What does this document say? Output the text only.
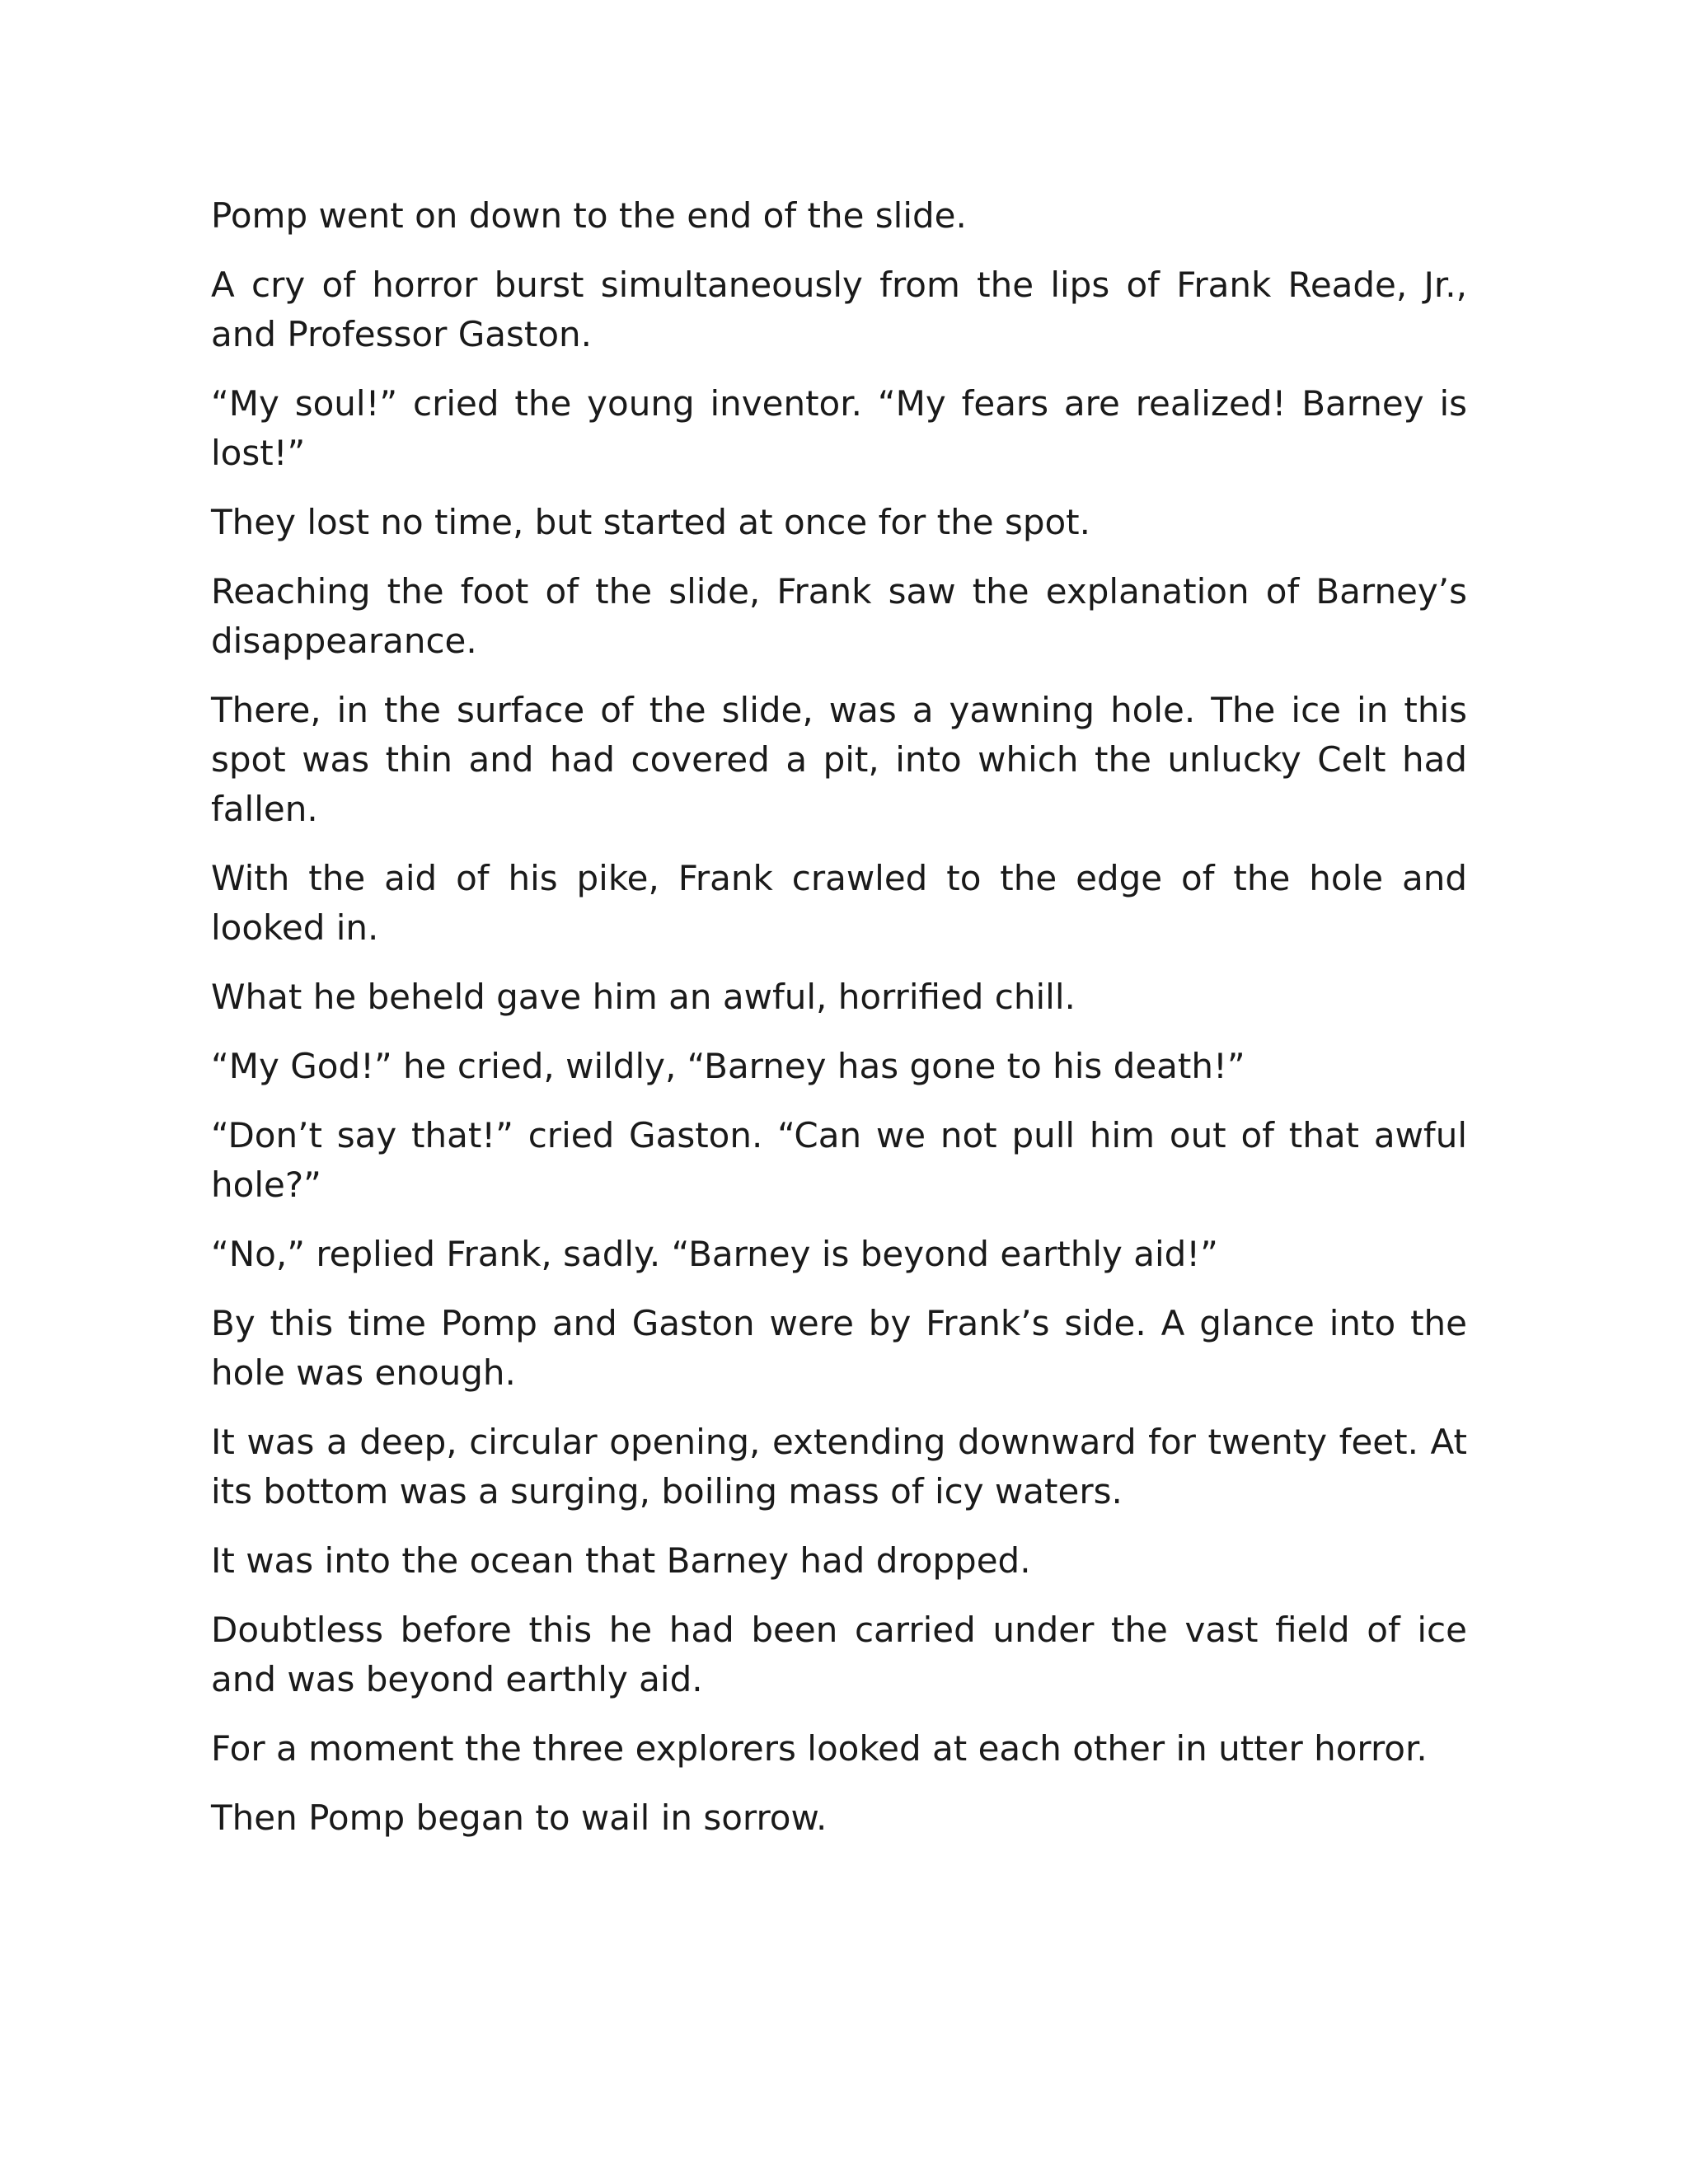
Pomp went on down to the end of the slide.

A cry of horror burst simultaneously from the lips of Frank Reade, Jr., and Professor Gaston.

“My soul!” cried the young inventor. “My fears are realized! Barney is lost!”

They lost no time, but started at once for the spot.

Reaching the foot of the slide, Frank saw the explanation of Barney’s disappearance.

There, in the surface of the slide, was a yawning hole. The ice in this spot was thin and had covered a pit, into which the unlucky Celt had fallen.

With the aid of his pike, Frank crawled to the edge of the hole and looked in.

What he beheld gave him an awful, horrified chill.

“My God!” he cried, wildly, “Barney has gone to his death!”

“Don’t say that!” cried Gaston. “Can we not pull him out of that awful hole?”

“No,” replied Frank, sadly. “Barney is beyond earthly aid!”

By this time Pomp and Gaston were by Frank’s side. A glance into the hole was enough.

It was a deep, circular opening, extending downward for twenty feet. At its bottom was a surging, boiling mass of icy waters.

It was into the ocean that Barney had dropped.

Doubtless before this he had been carried under the vast field of ice and was beyond earthly aid.

For a moment the three explorers looked at each other in utter horror.

Then Pomp began to wail in sorrow.
